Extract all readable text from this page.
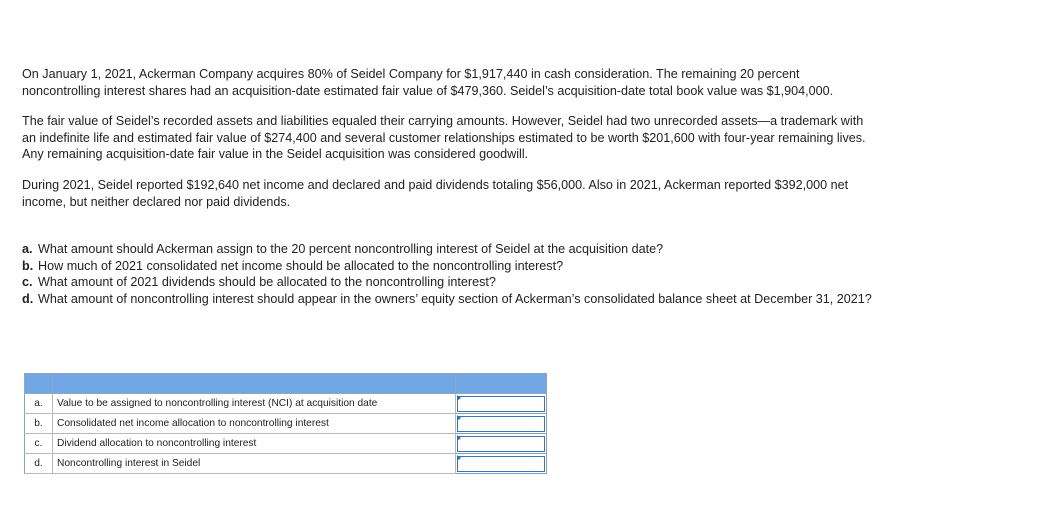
On January 1, 2021, Ackerman Company acquires 80% of Seidel Company for $1,917,440 in cash consideration. The remaining 20 percent noncontrolling interest shares had an acquisition-date estimated fair value of $479,360. Seidel’s acquisition-date total book value was $1,904,000.

The fair value of Seidel’s recorded assets and liabilities equaled their carrying amounts. However, Seidel had two unrecorded assets—a trademark with an indefinite life and estimated fair value of $274,400 and several customer relationships estimated to be worth $201,600 with four-year remaining lives. Any remaining acquisition-date fair value in the Seidel acquisition was considered goodwill.

During 2021, Seidel reported $192,640 net income and declared and paid dividends totaling $56,000. Also in 2021, Ackerman reported $392,000 net income, but neither declared nor paid dividends.

a. What amount should Ackerman assign to the 20 percent noncontrolling interest of Seidel at the acquisition date?

b. How much of 2021 consolidated net income should be allocated to the noncontrolling interest?

c. What amount of 2021 dividends should be allocated to the noncontrolling interest?

d. What amount of noncontrolling interest should appear in the owners’ equity section of Ackerman’s consolidated balance sheet at December 31, 2021?

a.	Value to be assigned to noncontrolling interest (NCI) at acquisition date	

b.	Consolidated net income allocation to noncontrolling interest	

c.	Dividend allocation to noncontrolling interest	

d.	Noncontrolling interest in Seidel	
